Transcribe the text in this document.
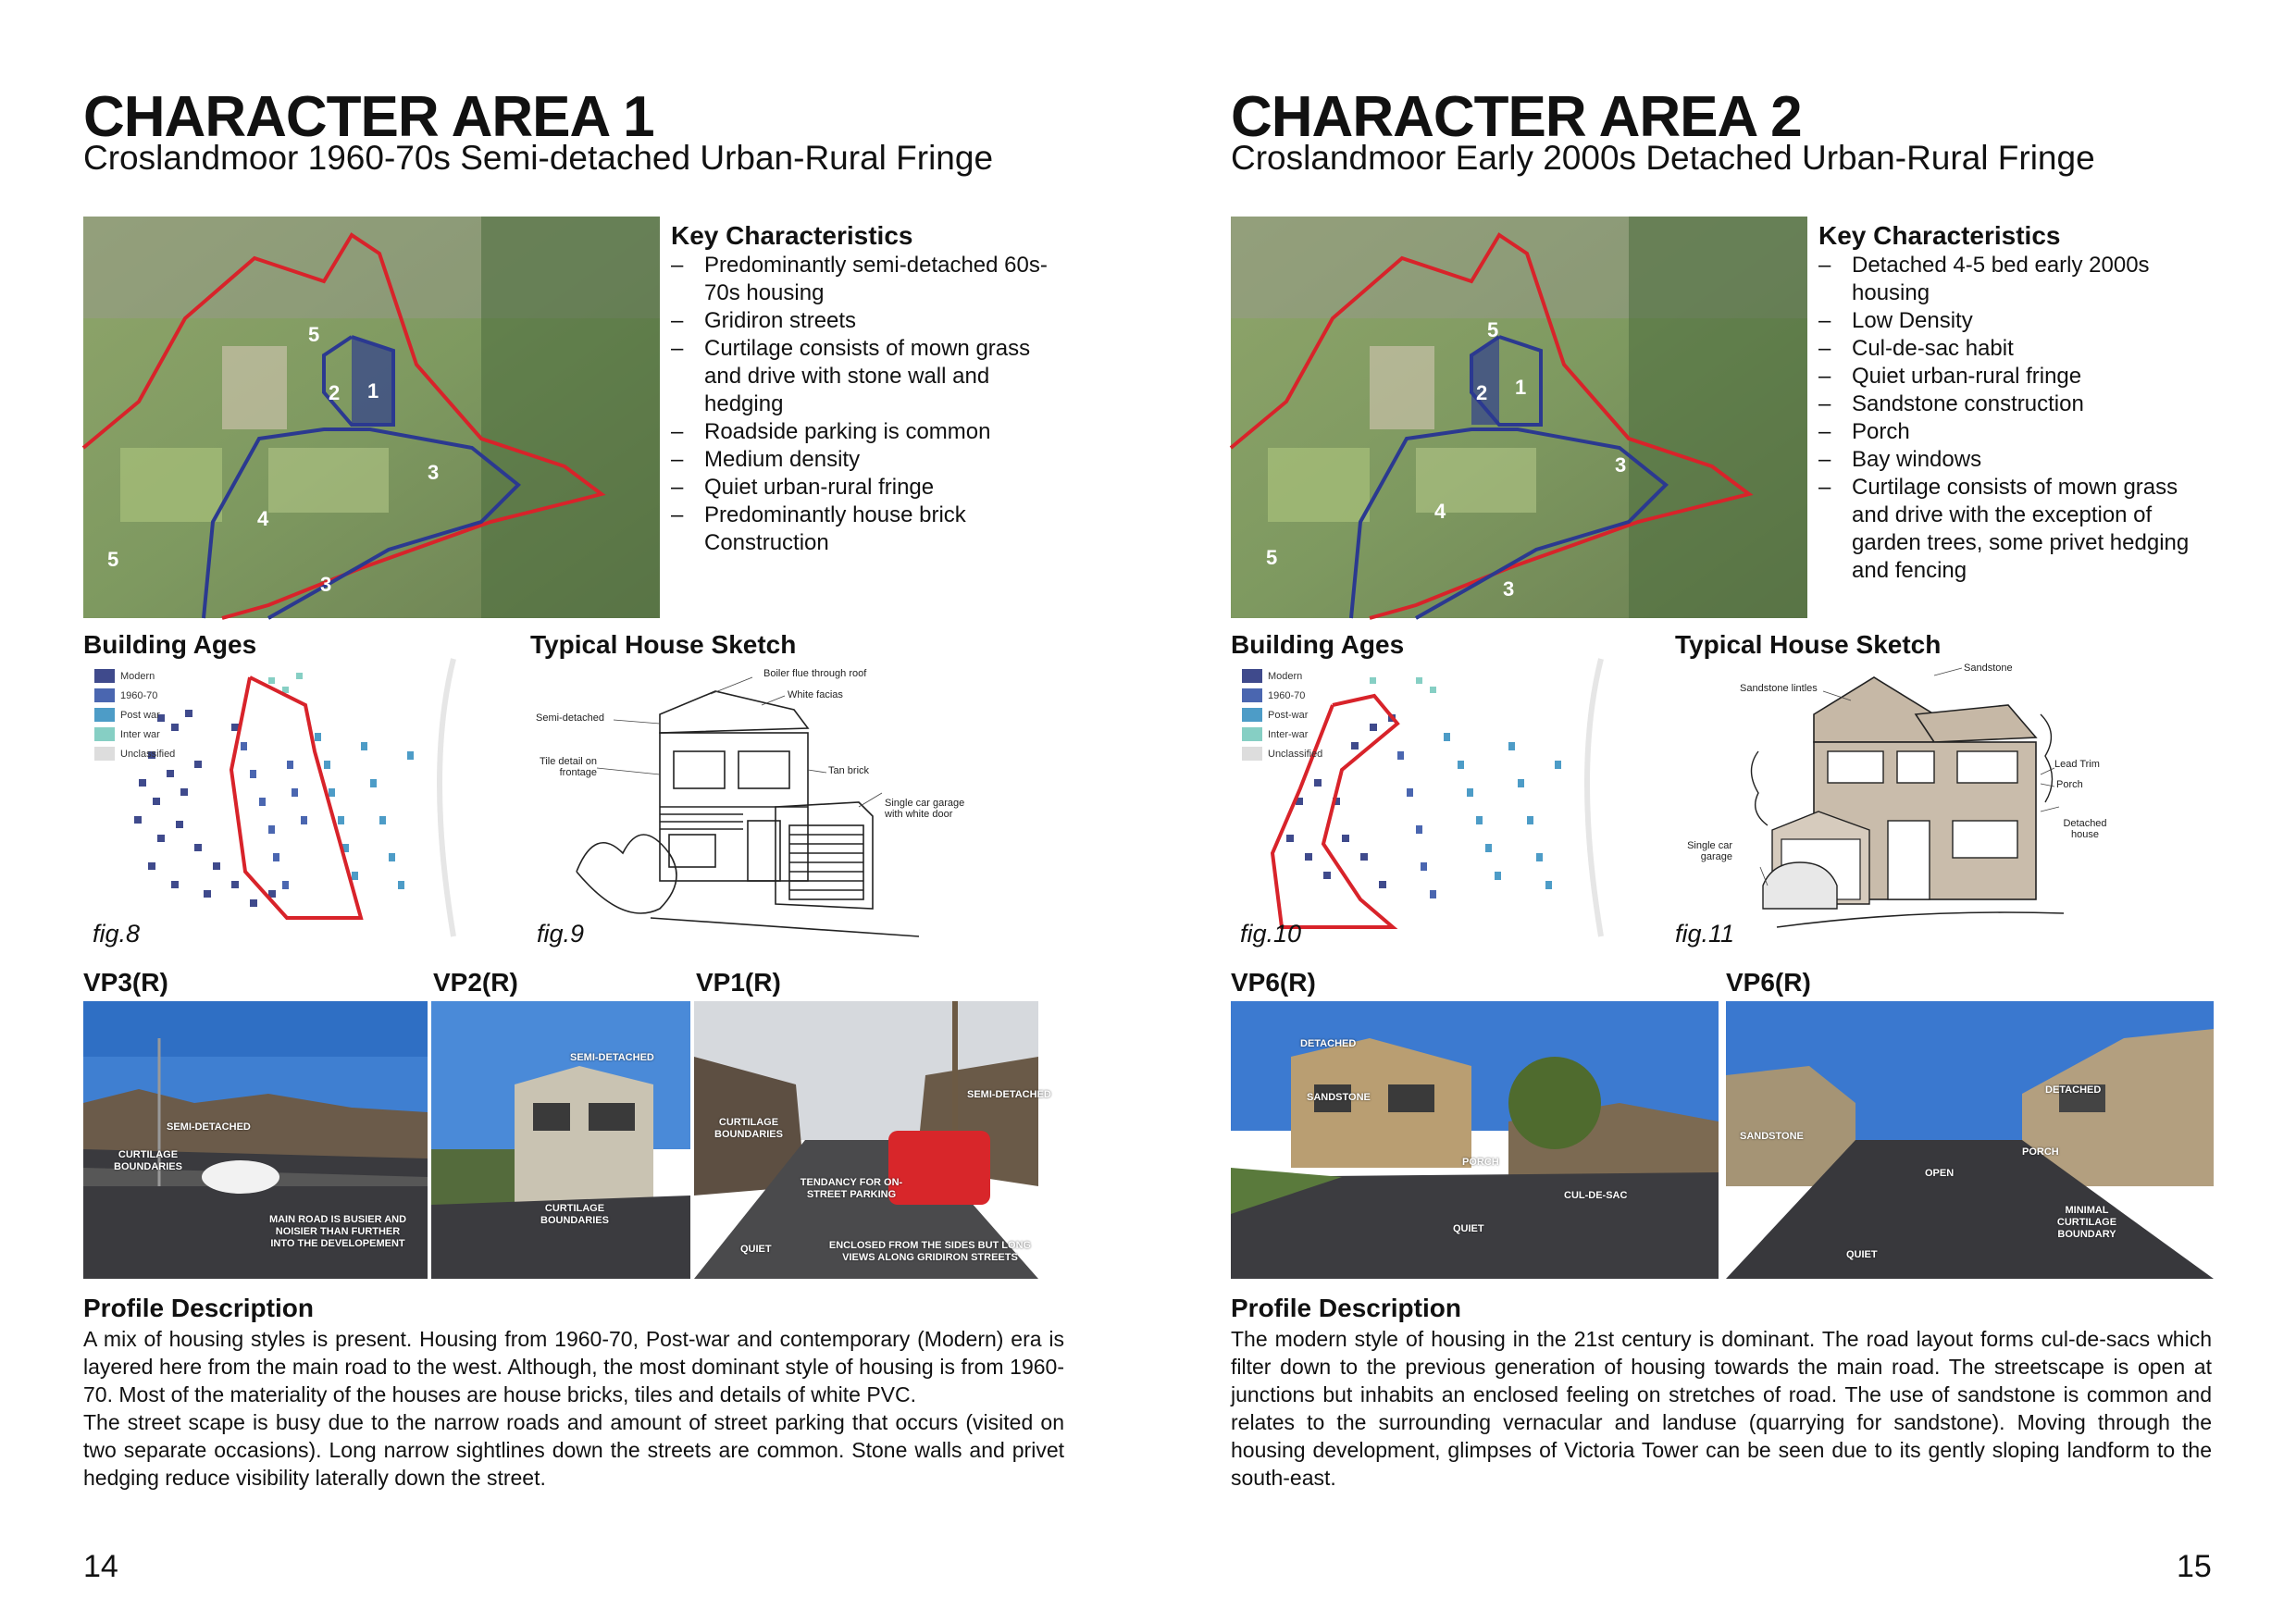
CHARACTER AREA 1
Croslandmoor 1960-70s Semi-detached Urban-Rural Fringe
5
2 1
3
4
5
3
Key Characteristics
– Predominantly semi-detached 60s-70s housing
– Gridiron streets
– Curtilage consists of mown grass and drive with stone wall and hedging
– Roadside parking is common
– Medium density
– Quiet urban-rural fringe
– Predominantly house brick Construction
Building Ages
Modern
1960-70
Post war
Inter war
Unclassified
fig.8
Typical House Sketch
Boiler flue through roof
White facias
Semi-detached
Tile detail on frontage	Tan brick
Single car garage with white door
fig.9
VP3(R)	VP2(R)	VP1(R)
SEMI-DETACHED
CURTILAGE BOUNDARIES
MAIN ROAD IS BUSIER AND NOISIER THAN FURTHER INTO THE DEVELOPEMENT
SEMI-DETACHED
CURTILAGE BOUNDARIES
SEMI-DETACHED
CURTILAGE BOUNDARIES
TENDANCY FOR ON-STREET PARKING
QUIET	ENCLOSED FROM THE SIDES BUT LONG VIEWS ALONG GRIDIRON STREETS
Profile Description

A mix of housing styles is present. Housing from 1960-70, Post-war and contemporary (Modern) era is layered here from the main road to the west. Although, the most dominant style of housing is from 1960-70. Most of the materiality of the houses are house bricks, tiles and details of white PVC.

The street scape is busy due to the narrow roads and amount of street parking that occurs (visited on two separate occasions). Long narrow sightlines down the streets are common. Stone walls and privet hedging reduce visibility laterally down the street.

14
CHARACTER AREA 2
Croslandmoor Early 2000s Detached Urban-Rural Fringe
5
2 1
3
4
5
3
Key Characteristics
– Detached 4-5 bed early 2000s housing
– Low Density
– Cul-de-sac habit
– Quiet urban-rural fringe
– Sandstone construction
– Porch
– Bay windows
– Curtilage consists of mown grass and drive with the exception of garden trees, some privet hedging and fencing
Building Ages
Modern
1960-70
Post-war
Inter-war
Unclassified
fig.10
Typical House Sketch
Sandstone
Sandstone lintles
Lead Trim
Porch
Single car garage
Detached house
fig.11
VP6(R)	VP6(R)
DETACHED
SANDSTONE
PORCH
CUL-DE-SAC
QUIET
DETACHED
SANDSTONE
PORCH
OPEN
MINIMAL CURTILAGE BOUNDARY
QUIET
Profile Description

The modern style of housing in the 21st century is dominant. The road layout forms cul-de-sacs which filter down to the previous generation of housing towards the main road. The streetscape is open at junctions but inhabits an enclosed feeling on stretches of road. The use of sandstone is common and relates to the surrounding vernacular and landuse (quarrying for sandstone). Moving through the housing development, glimpses of Victoria Tower can be seen due to its gently sloping landform to the south-east.

15
